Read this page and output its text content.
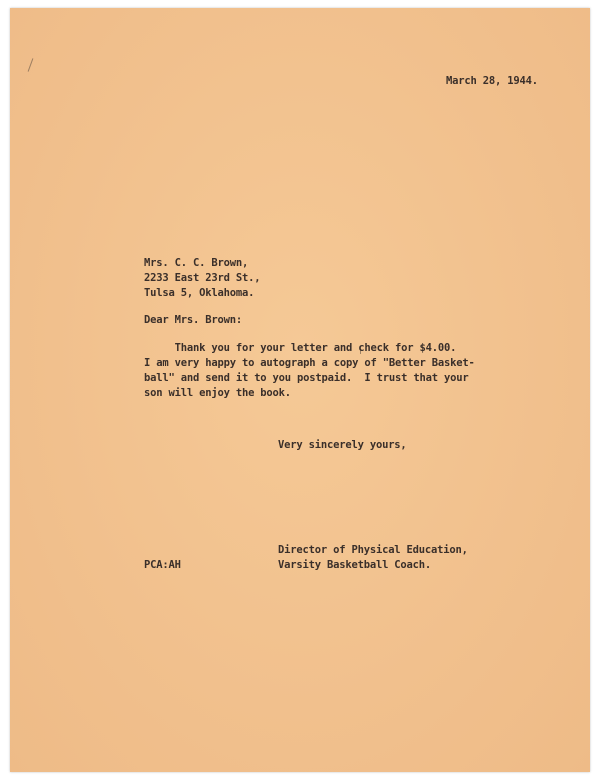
March 28, 1944.
Mrs. C. C. Brown,
2233 East 23rd St.,
Tulsa 5, Oklahoma.
Dear Mrs. Brown:
Thank you for your letter and check for $4.00.
I am very happy to autograph a copy of "Better Basket-
ball" and send it to you postpaid.  I trust that your
son will enjoy the book.
Very sincerely yours,
Director of Physical Education,
Varsity Basketball Coach.
PCA:AH
